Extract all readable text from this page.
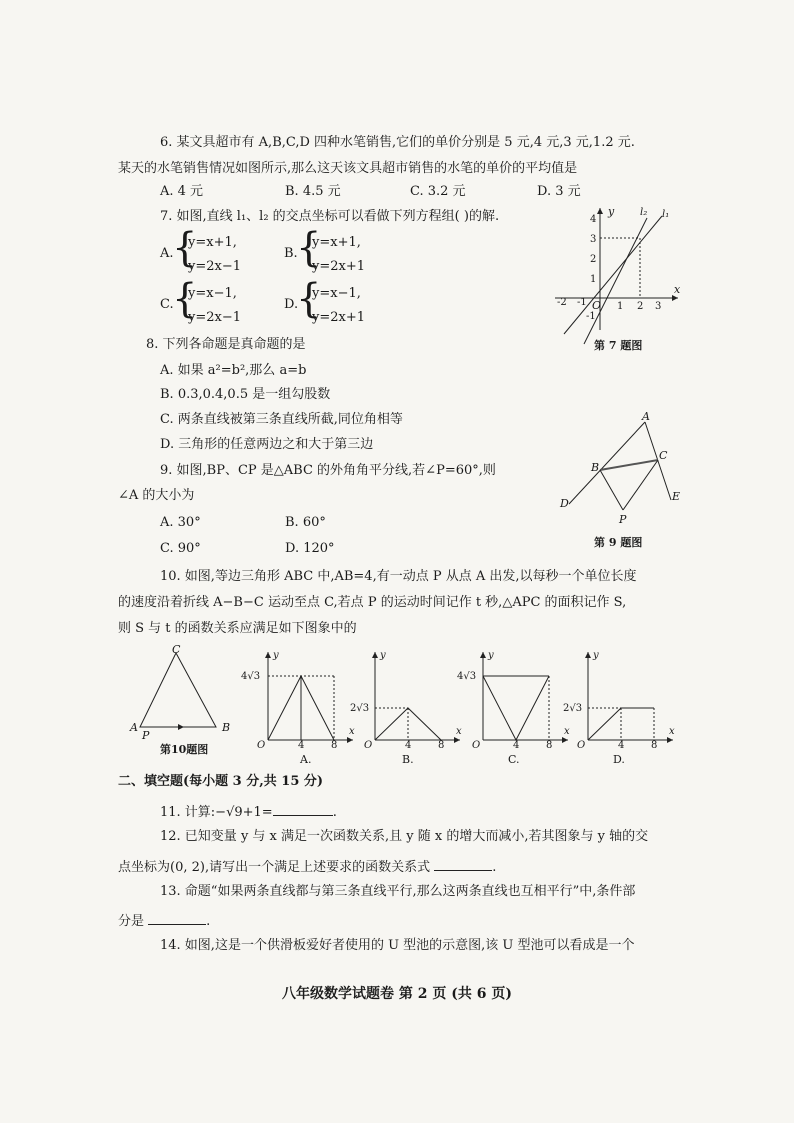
6. 某文具超市有 A,B,C,D 四种水笔销售,它们的单价分别是 5 元,4 元,3 元,1.2 元.
某天的水笔销售情况如图所示,那么这天该文具超市销售的水笔的单价的平均值是
A. 4 元	B. 4.5 元	C. 3.2 元	D. 3 元
7. 如图,直线 l₁、l₂ 的交点坐标可以看做下列方程组( )的解.
A.
{
y=x+1,
y=2x−1
B.
{
y=x+1,
y=2x+1
C.
{
y=x−1,
y=2x−1
D.
{
y=x−1,
y=2x+1
4
3
2
1
-1
-2 -1 O 1 2 3
x
y	l₂ l₁
第 7 题图
8. 下列各命题是真命题的是
A. 如果 a²=b²,那么 a=b
B. 0.3,0.4,0.5 是一组勾股数
C. 两条直线被第三条直线所截,同位角相等
D. 三角形的任意两边之和大于第三边
9. 如图,BP、CP 是△ABC 的外角角平分线,若∠P=60°,则
∠A 的大小为
A. 30°	B. 60°
C. 90°	D. 120°
A
B
C
D
E
P
第 9 题图
10. 如图,等边三角形 ABC 中,AB=4,有一动点 P 从点 A 出发,以每秒一个单位长度
的速度沿着折线 A−B−C 运动至点 C,若点 P 的运动时间记作 t 秒,△APC 的面积记作 S,
则 S 与 t 的函数关系应满足如下图象中的
C
A	B
P
第10题图
4√3
O	4	8
x
y
A.
2√3
O	4	8
x
y
B.
4√3
O	4	8
x
y
C.
2√3
O	4	8
x
y
D.
二、填空题(每小题 3 分,共 15 分)
11. 计算:−√9+1=	.
12. 已知变量 y 与 x 满足一次函数关系,且 y 随 x 的增大而减小,若其图象与 y 轴的交
点坐标为(0, 2),请写出一个满足上述要求的函数关系式	.
13. 命题“如果两条直线都与第三条直线平行,那么这两条直线也互相平行”中,条件部
分是	.
14. 如图,这是一个供滑板爱好者使用的 U 型池的示意图,该 U 型池可以看成是一个
八年级数学试题卷 第 2 页 (共 6 页)
